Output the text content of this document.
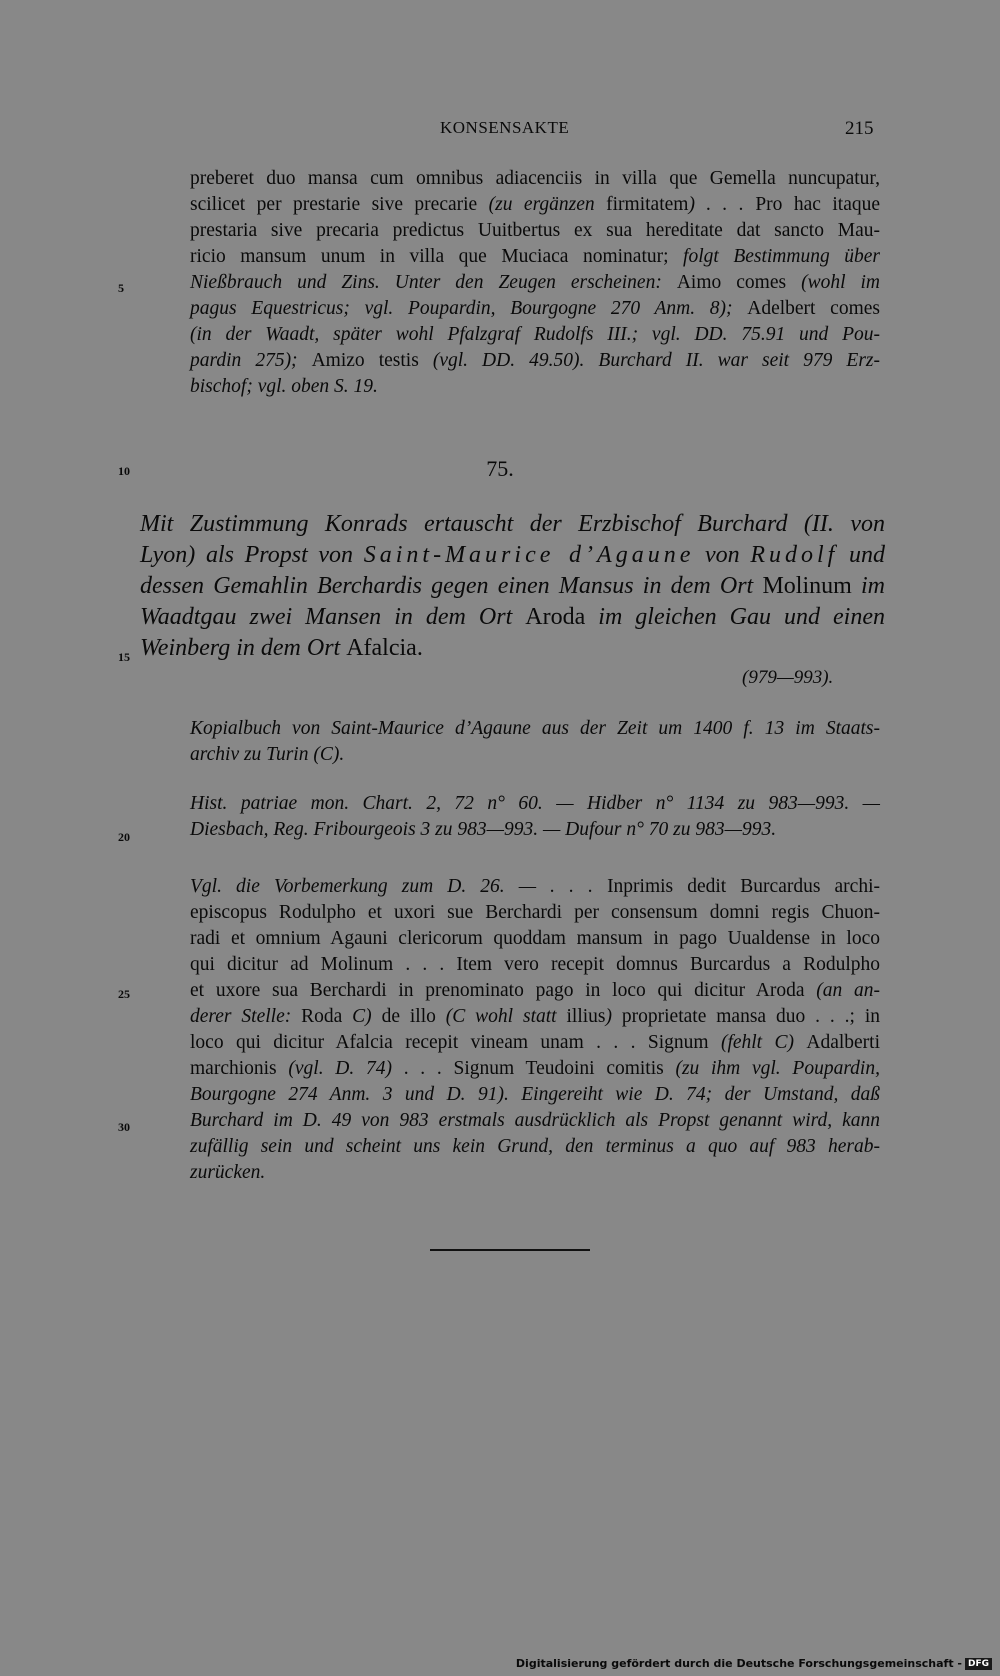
KONSENSAKTE	215
preberet duo mansa cum omnibus adiacenciis in villa que Gemella nuncupatur,
scilicet per prestarie sive precarie (zu ergänzen firmitatem) . . . Pro hac itaque
prestaria sive precaria predictus Uuitbertus ex sua hereditate dat sancto Mau-
ricio mansum unum in villa que Muciaca nominatur; folgt Bestimmung über
Nießbrauch und Zins. Unter den Zeugen erscheinen: Aimo comes (wohl im
pagus Equestricus; vgl. Poupardin, Bourgogne 270 Anm. 8); Adelbert comes
(in der Waadt, später wohl Pfalzgraf Rudolfs III.; vgl. DD. 75.91 und Pou-
pardin 275); Amizo testis (vgl. DD. 49.50). Burchard II. war seit 979 Erz-
bischof; vgl. oben S. 19.
5
10
15
20
25
30
75.
Mit Zustimmung Konrads ertauscht der Erzbischof Burchard (II. von
Lyon) als Propst von Saint-Maurice d’Agaune von Rudolf und
dessen Gemahlin Berchardis gegen einen Mansus in dem Ort Molinum im
Waadtgau zwei Mansen in dem Ort Aroda im gleichen Gau und einen
Weinberg in dem Ort Afalcia.
(979—993).
Kopialbuch von Saint-Maurice d’Agaune aus der Zeit um 1400 f. 13 im Staats-
archiv zu Turin (C).
Hist. patriae mon. Chart. 2, 72 n° 60. — Hidber n° 1134 zu 983—993. —
Diesbach, Reg. Fribourgeois 3 zu 983—993. — Dufour n° 70 zu 983—993.
Vgl. die Vorbemerkung zum D. 26. — . . . Inprimis dedit Burcardus archi-
episcopus Rodulpho et uxori sue Berchardi per consensum domni regis Chuon-
radi et omnium Agauni clericorum quoddam mansum in pago Uualdense in loco
qui dicitur ad Molinum . . . Item vero recepit domnus Burcardus a Rodulpho
et uxore sua Berchardi in prenominato pago in loco qui dicitur Aroda (an an-
derer Stelle: Roda C) de illo (C wohl statt illius) proprietate mansa duo . . .; in
loco qui dicitur Afalcia recepit vineam unam . . . Signum (fehlt C) Adalberti
marchionis (vgl. D. 74) . . . Signum Teudoini comitis (zu ihm vgl. Poupardin,
Bourgogne 274 Anm. 3 und D. 91). Eingereiht wie D. 74; der Umstand, daß
Burchard im D. 49 von 983 erstmals ausdrücklich als Propst genannt wird, kann
zufällig sein und scheint uns kein Grund, den terminus a quo auf 983 herab-
zurücken.
Digitalisierung gefördert durch die Deutsche Forschungsgemeinschaft - DFG
